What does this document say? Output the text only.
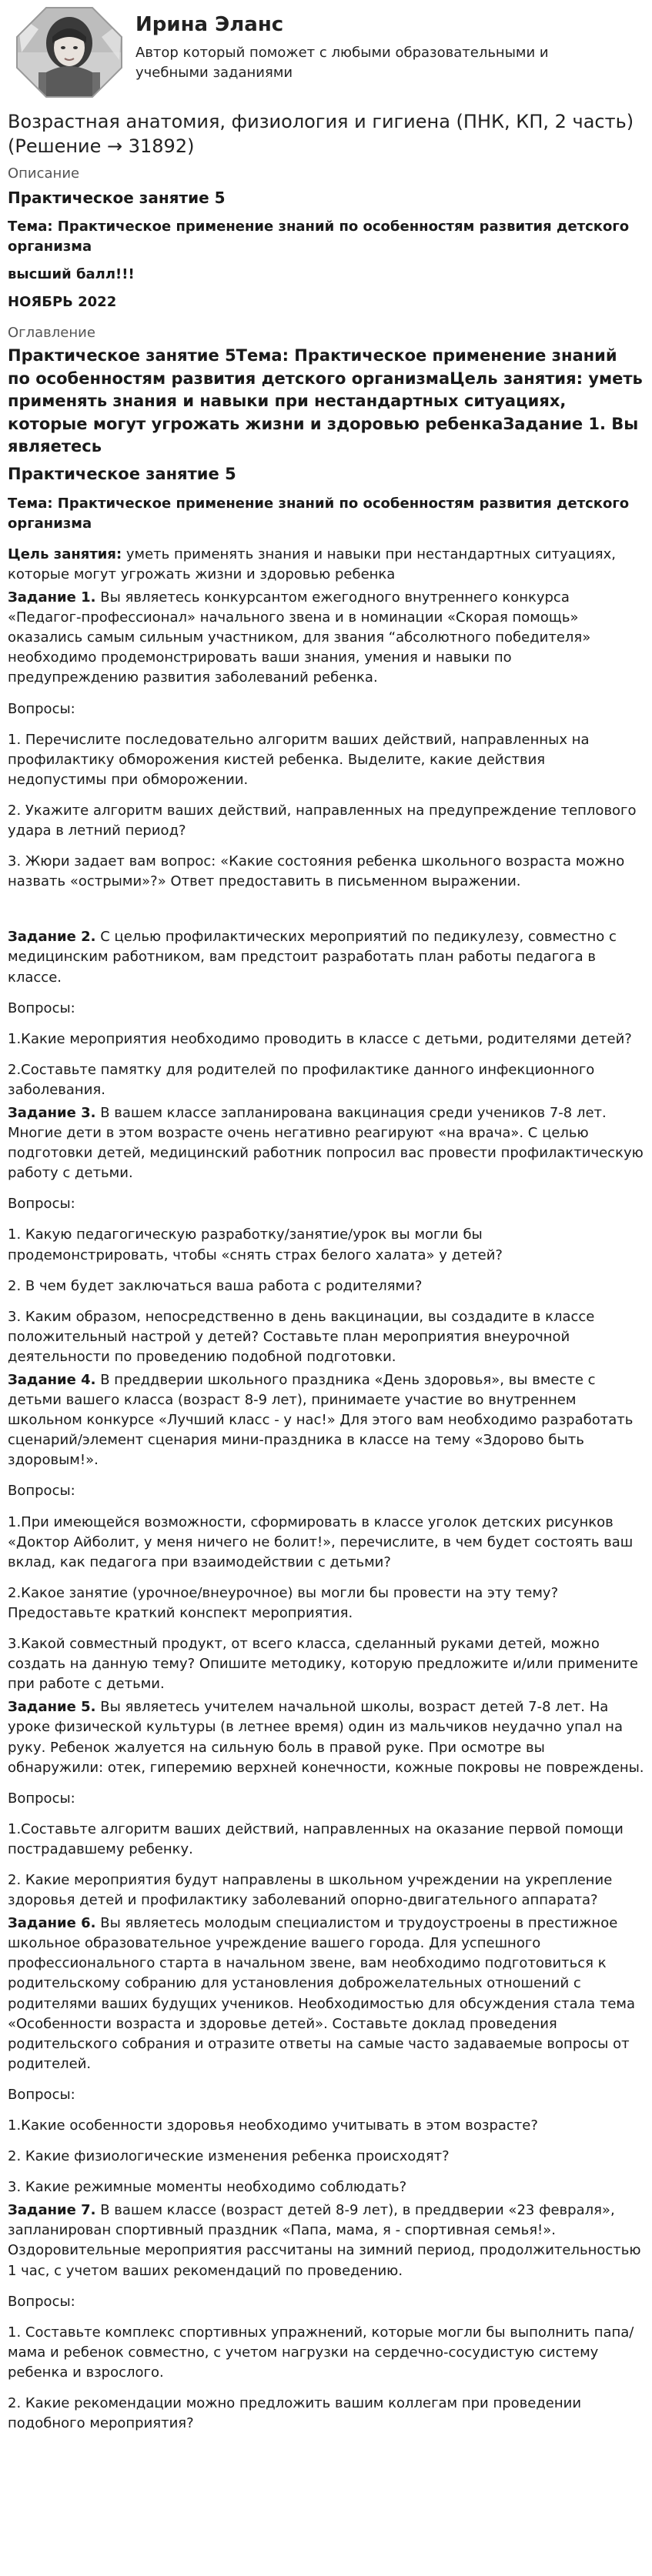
Ирина Эланс
Автор который поможет с любыми образовательными и учебными заданиями
Возрастная анатомия, физиология и гигиена (ПНК, КП, 2 часть) (Решение → 31892)
Описание
Практическое занятие 5
Тема: Практическое применение знаний по особенностям развития детского организма
высший балл!!!
НОЯБРЬ 2022
Оглавление
Практическое занятие 5Тема: Практическое применение знаний по особенностям развития детского организмаЦель занятия: уметь применять знания и навыки при нестандартных ситуациях, которые могут угрожать жизни и здоровью ребенкаЗадание 1. Вы являетесь
Практическое занятие 5
Тема: Практическое применение знаний по особенностям развития детского организма

Цель занятия: уметь применять знания и навыки при нестандартных ситуациях, которые могут угрожать жизни и здоровью ребенка

Задание 1. Вы являетесь конкурсантом ежегодного внутреннего конкурса «Педагог-профессионал» начального звена и в номинации «Скорая помощь» оказались самым сильным участником, для звания “абсолютного победителя» необходимо продемонстрировать ваши знания, умения и навыки по предупреждению развития заболеваний ребенка.

Вопросы:

1. Перечислите последовательно алгоритм ваших действий, направленных на профилактику обморожения кистей ребенка. Выделите, какие действия недопустимы при обморожении.

2. Укажите алгоритм ваших действий, направленных на предупреждение теплового удара в летний период?

3. Жюри задает вам вопрос: «Какие состояния ребенка школьного возраста можно назвать «острыми»?» Ответ предоставить в письменном выражении.

Задание 2. С целью профилактических мероприятий по педикулезу, совместно с медицинским работником, вам предстоит разработать план работы педагога в классе.

Вопросы:

1.Какие мероприятия необходимо проводить в классе с детьми, родителями детей?

2.Составьте памятку для родителей по профилактике данного инфекционного заболевания.

Задание 3. В вашем классе запланирована вакцинация среди учеников 7-8 лет. Многие дети в этом возрасте очень негативно реагируют «на врача». С целью подготовки детей, медицинский работник попросил вас провести профилактическую работу с детьми.

Вопросы:

1. Какую педагогическую разработку/занятие/урок вы могли бы продемонстрировать, чтобы «снять страх белого халата» у детей?

2. В чем будет заключаться ваша работа с родителями?

3. Каким образом, непосредственно в день вакцинации, вы создадите в классе положительный настрой у детей? Составьте план мероприятия внеурочной деятельности по проведению подобной подготовки.

Задание 4. В преддверии школьного праздника «День здоровья», вы вместе с детьми вашего класса (возраст 8-9 лет), принимаете участие во внутреннем школьном конкурсе «Лучший класс - у нас!» Для этого вам необходимо разработать сценарий/элемент сценария мини-праздника в классе на тему «Здорово быть здоровым!».

Вопросы:

1.При имеющейся возможности, сформировать в классе уголок детских рисунков «Доктор Айболит, у меня ничего не болит!», перечислите, в чем будет состоять ваш вклад, как педагога при взаимодействии с детьми?

2.Какое занятие (урочное/внеурочное) вы могли бы провести на эту тему? Предоставьте краткий конспект мероприятия.

3.Какой совместный продукт, от всего класса, сделанный руками детей, можно создать на данную тему? Опишите методику, которую предложите и/или примените при работе с детьми.

Задание 5. Вы являетесь учителем начальной школы, возраст детей 7-8 лет. На уроке физической культуры (в летнее время) один из мальчиков неудачно упал на руку. Ребенок жалуется на сильную боль в правой руке. При осмотре вы обнаружили: отек, гиперемию верхней конечности, кожные покровы не повреждены.

Вопросы:

1.Составьте алгоритм ваших действий, направленных на оказание первой помощи пострадавшему ребенку.

2. Какие мероприятия будут направлены в школьном учреждении на укрепление здоровья детей и профилактику заболеваний опорно-двигательного аппарата?

Задание 6. Вы являетесь молодым специалистом и трудоустроены в престижное школьное образовательное учреждение вашего города. Для успешного профессионального старта в начальном звене, вам необходимо подготовиться к родительскому собранию для установления доброжелательных отношений с родителями ваших будущих учеников. Необходимостью для обсуждения стала тема «Особенности возраста и здоровье детей». Составьте доклад проведения родительского собрания и отразите ответы на самые часто задаваемые вопросы от родителей.

Вопросы:

1.Какие особенности здоровья необходимо учитывать в этом возрасте?

2. Какие физиологические изменения ребенка происходят?

3. Какие режимные моменты необходимо соблюдать?

Задание 7. В вашем классе (возраст детей 8-9 лет), в преддверии «23 февраля», запланирован спортивный праздник «Папа, мама, я - спортивная семья!». Оздоровительные мероприятия рассчитаны на зимний период, продолжительностью 1 час, с учетом ваших рекомендаций по проведению.

Вопросы:

1. Составьте комплекс спортивных упражнений, которые могли бы выполнить папа/мама и ребенок совместно, с учетом нагрузки на сердечно-сосудистую систему ребенка и взрослого.

2. Какие рекомендации можно предложить вашим коллегам при проведении подобного мероприятия?
